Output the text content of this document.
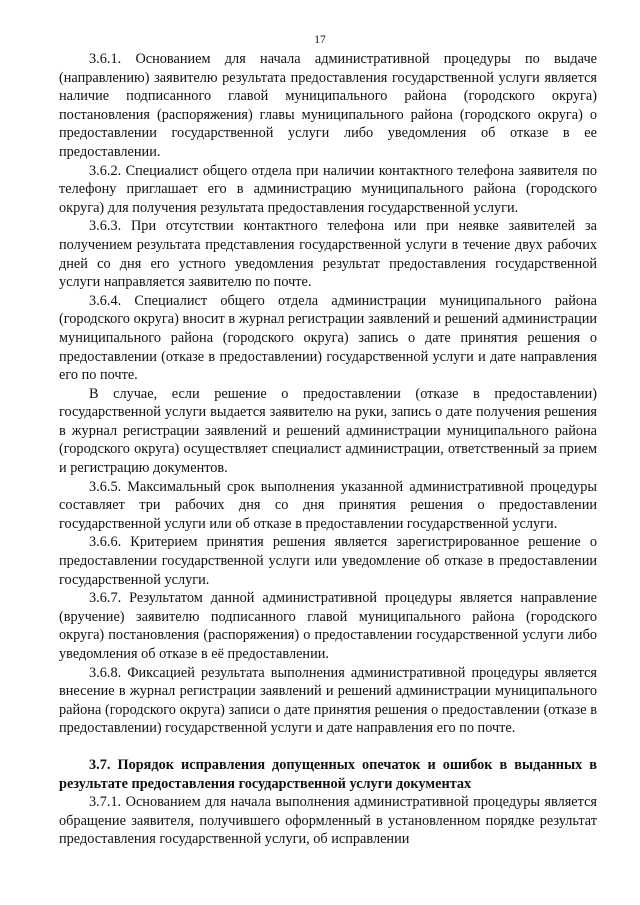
17

3.6.1. Основанием для начала административной процедуры по выдаче (направлению) заявителю результата предоставления государственной услуги является наличие подписанного главой муниципального района (городского округа) постановления (распоряжения) главы муниципального района (городского округа) о предоставлении государственной услуги либо уведомления об отказе в ее предоставлении.

3.6.2. Специалист общего отдела при наличии контактного телефона заявителя по телефону приглашает его в администрацию муниципального района (городского округа) для получения результата предоставления государственной услуги.

3.6.3. При отсутствии контактного телефона или при неявке заявителей за получением результата представления государственной услуги в течение двух рабочих дней со дня его устного уведомления результат предоставления государственной услуги направляется заявителю по почте.

3.6.4. Специалист общего отдела администрации муниципального района (городского округа) вносит в журнал регистрации заявлений и решений администрации муниципального района (городского округа) запись о дате принятия решения о предоставлении (отказе в предоставлении) государственной услуги и дате направления его по почте.

В случае, если решение о предоставлении (отказе в предоставлении) государственной услуги выдается заявителю на руки, запись о дате получения решения в журнал регистрации заявлений и решений администрации муниципального района (городского округа) осуществляет специалист администрации, ответственный за прием и регистрацию документов.

3.6.5. Максимальный срок выполнения указанной административной процедуры составляет три рабочих дня со дня принятия решения о предоставлении государственной услуги или об отказе в предоставлении государственной услуги.

3.6.6. Критерием принятия решения является зарегистрированное решение о предоставлении государственной услуги или уведомление об отказе в предоставлении государственной услуги.

3.6.7. Результатом данной административной процедуры является направление (вручение) заявителю подписанного главой муниципального района (городского округа) постановления (распоряжения) о предоставлении государственной услуги либо уведомления об отказе в её предоставлении.

3.6.8. Фиксацией результата выполнения административной процедуры является внесение в журнал регистрации заявлений и решений администрации муниципального района (городского округа) записи о дате принятия решения о предоставлении (отказе в предоставлении) государственной услуги и дате направления его по почте.

3.7. Порядок исправления допущенных опечаток и ошибок в выданных в результате предоставления государственной услуги документах

3.7.1. Основанием для начала выполнения административной процедуры является обращение заявителя, получившего оформленный в установленном порядке результат предоставления государственной услуги, об исправлении
